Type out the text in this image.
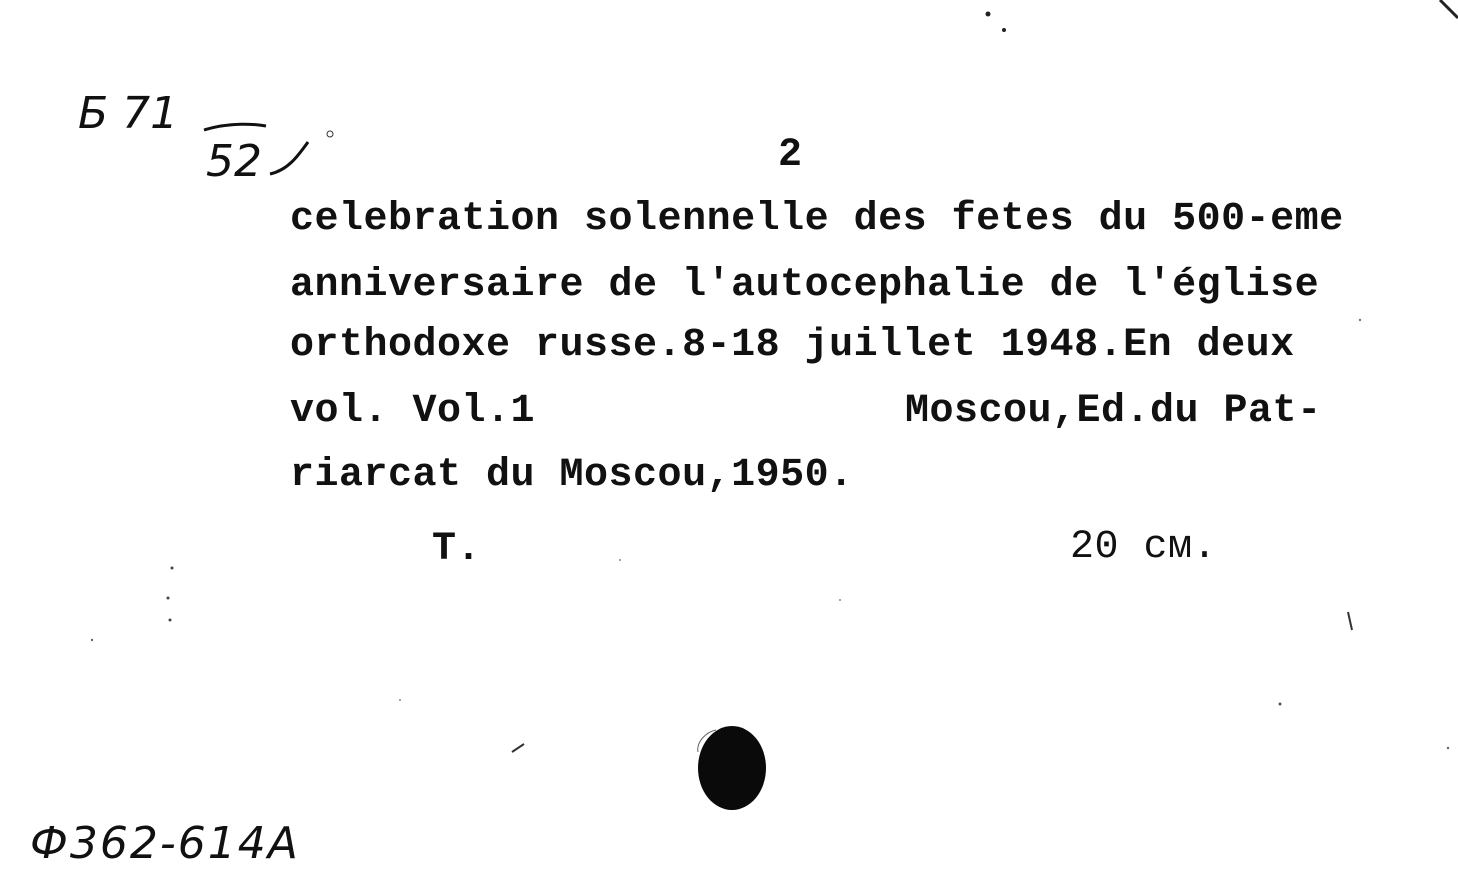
Б 71
52	2
celebration solennelle des fetes du 500-eme
anniversaire de l'autocephalie de l'église
orthodoxe russe.8-18 juillet 1948.En deux
vol. Vol.1	Moscou,Ed.du Pat-
riarcat du Moscou,1950.
T.	20 см.
Ф362-614А
